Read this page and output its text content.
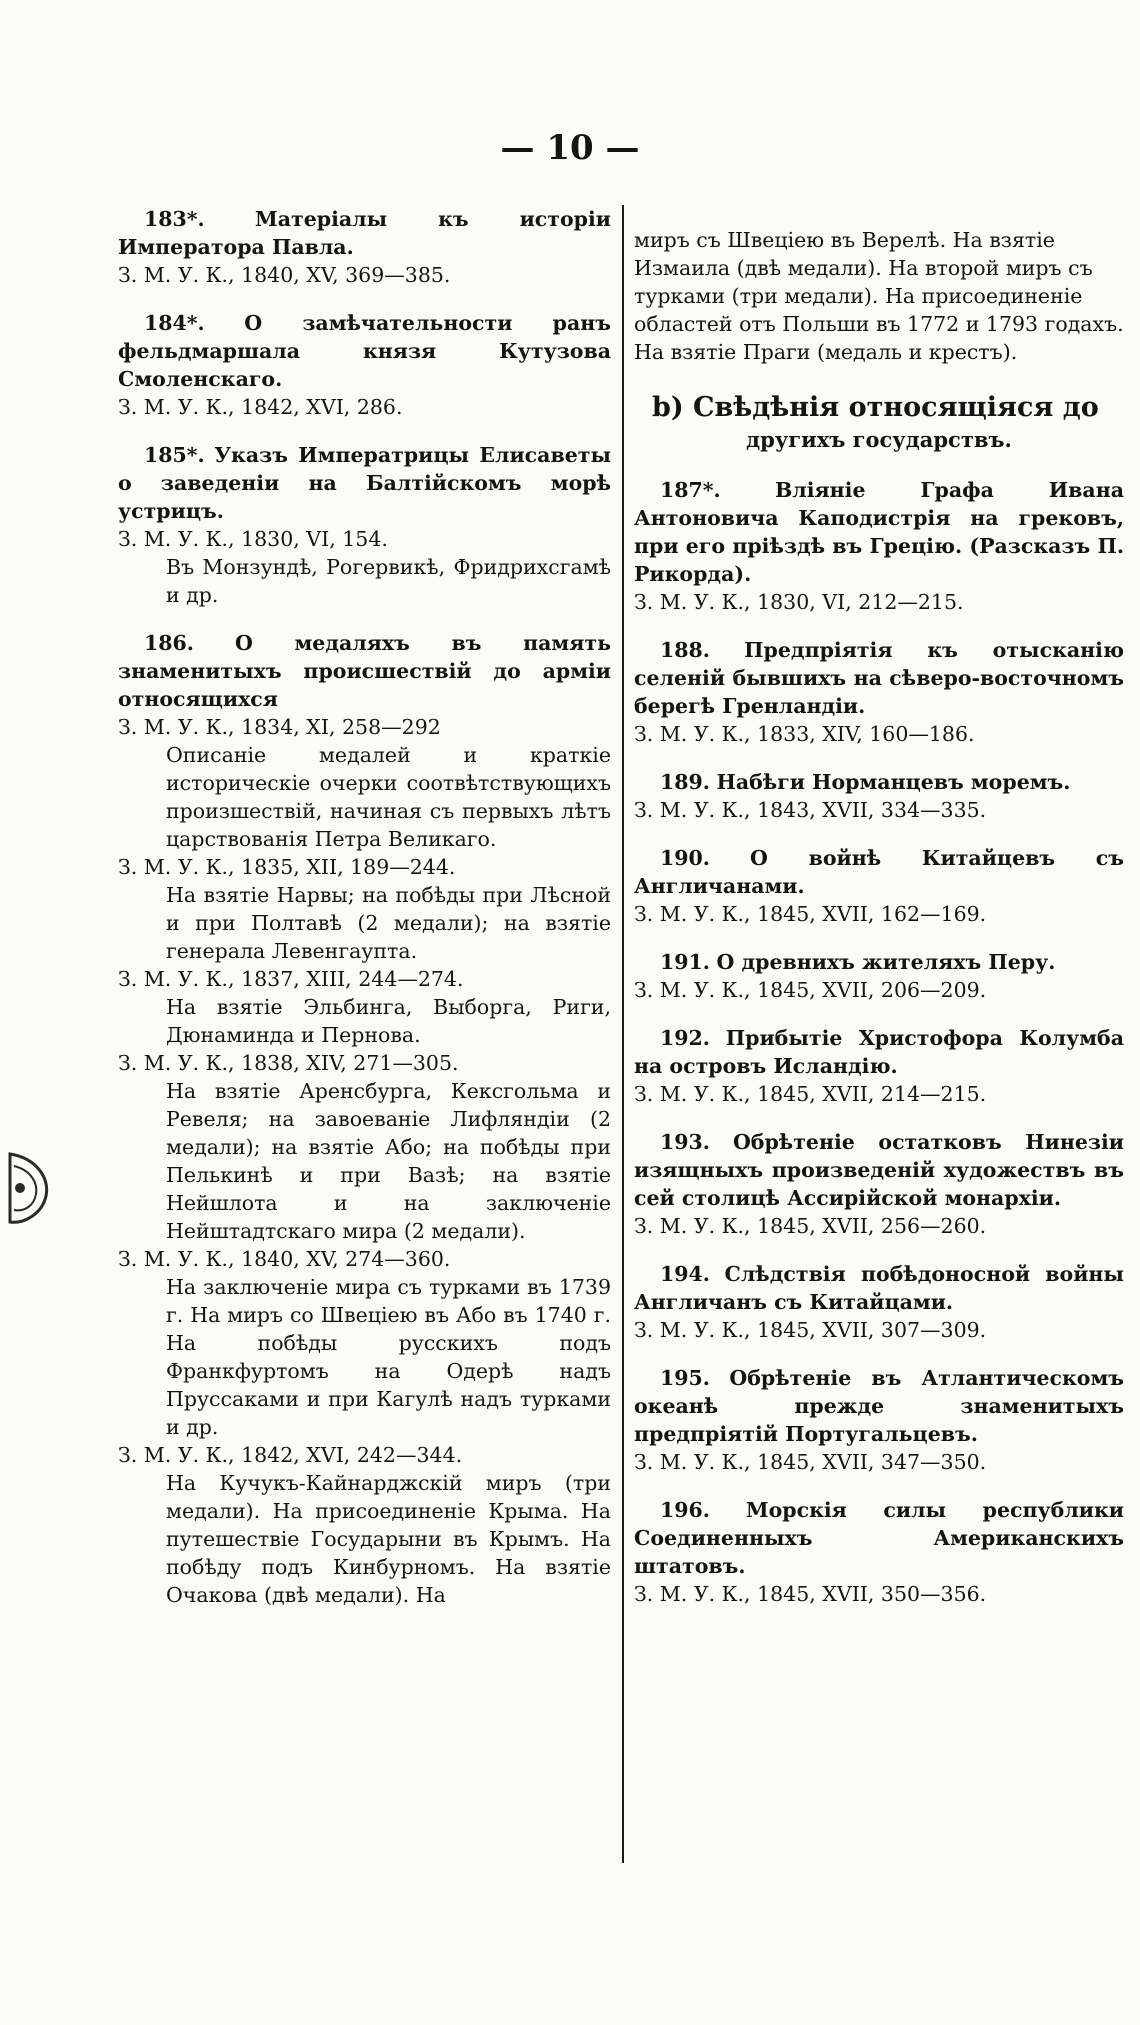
— 10 —

183*. Матеріалы къ исторіи Императора Павла.

З. М. У. К., 1840, XV, 369—385.

184*. О замѣчательности ранъ фельдмаршала князя Кутузова Смоленскаго.

З. М. У. К., 1842, XVI, 286.

185*. Указъ Императрицы Елисаветы о заведеніи на Балтійскомъ морѣ устрицъ.

З. М. У. К., 1830, VI, 154.

Въ Монзундѣ, Рогервикѣ, Фридрихсгамѣ и др.

186. О медаляхъ въ память знаменитыхъ происшествій до арміи относящихся

З. М. У. К., 1834, XI, 258—292

Описаніе медалей и краткіе историческіе очерки соотвѣтствующихъ произшествій, начиная съ первыхъ лѣтъ царствованія Петра Великаго.

З. М. У. К., 1835, XII, 189—244.

На взятіе Нарвы; на побѣды при Лѣсной и при Полтавѣ (2 медали); на взятіе генерала Левенгаупта.

З. М. У. К., 1837, XIII, 244—274.

На взятіе Эльбинга, Выборга, Риги, Дюнаминда и Пернова.

З. М. У. К., 1838, XIV, 271—305.

На взятіе Аренсбурга, Кексгольма и Ревеля; на завоеваніе Лифляндіи (2 медали); на взятіе Або; на побѣды при Пелькинѣ и при Вазѣ; на взятіе Нейшлота и на заключеніе Нейштадтскаго мира (2 медали).

З. М. У. К., 1840, XV, 274—360.

На заключеніе мира съ турками въ 1739 г. На миръ со Швеціею въ Або въ 1740 г. На побѣды русскихъ подъ Франкфуртомъ на Одерѣ надъ Пруссаками и при Кагулѣ надъ турками и др.

З. М. У. К., 1842, XVI, 242—344.

На Кучукъ-Кайнарджскій миръ (три медали). На присоединеніе Крыма. На путешествіе Государыни въ Крымъ. На побѣду подъ Кинбурномъ. На взятіе Очакова (двѣ медали). На

миръ съ Швеціею въ Верелѣ. На взятіе Измаила (двѣ медали). На второй миръ съ турками (три медали). На присоединеніе областей отъ Польши въ 1772 и 1793 годахъ. На взятіе Праги (медаль и крестъ).

b) Свѣдѣнія относящіяся до

другихъ государствъ.

187*.	Вліяніе Графа Ивана Антоновича Каподистрія на грековъ, при его пріѣздѣ въ Грецію. (Разсказъ П. Рикорда).

З. М. У. К., 1830, VI, 212—215.

188. Предпріятія къ отысканію селеній бывшихъ на сѣверо-восточномъ берегѣ Гренландіи.

З. М. У. К., 1833, XIV, 160—186.

189. Набѣги Норманцевъ моремъ.

З. М. У. К., 1843, XVII, 334—335.

190. О войнѣ Китайцевъ съ Англичанами.

З. М. У. К., 1845, XVII, 162—169.

191. О древнихъ жителяхъ Перу.

З. М. У. К., 1845, XVII, 206—209.

192. Прибытіе Христофора Колумба на островъ Исландію.

З. М. У. К., 1845, XVII, 214—215.

193. Обрѣтеніе остатковъ Нинезіи изящныхъ произведеній художествъ въ сей столицѣ Ассирійской монархіи.

З. М. У. К., 1845, XVII, 256—260.

194. Слѣдствія побѣдоносной войны Англичанъ съ Китайцами.

З. М. У. К., 1845, XVII, 307—309.

195. Обрѣтеніе въ Атлантическомъ океанѣ прежде знаменитыхъ предпріятій Португальцевъ.

З. М. У. К., 1845, XVII, 347—350.

196. Морскія силы республики Соединенныхъ Американскихъ штатовъ.

З. М. У. К., 1845, XVII, 350—356.
